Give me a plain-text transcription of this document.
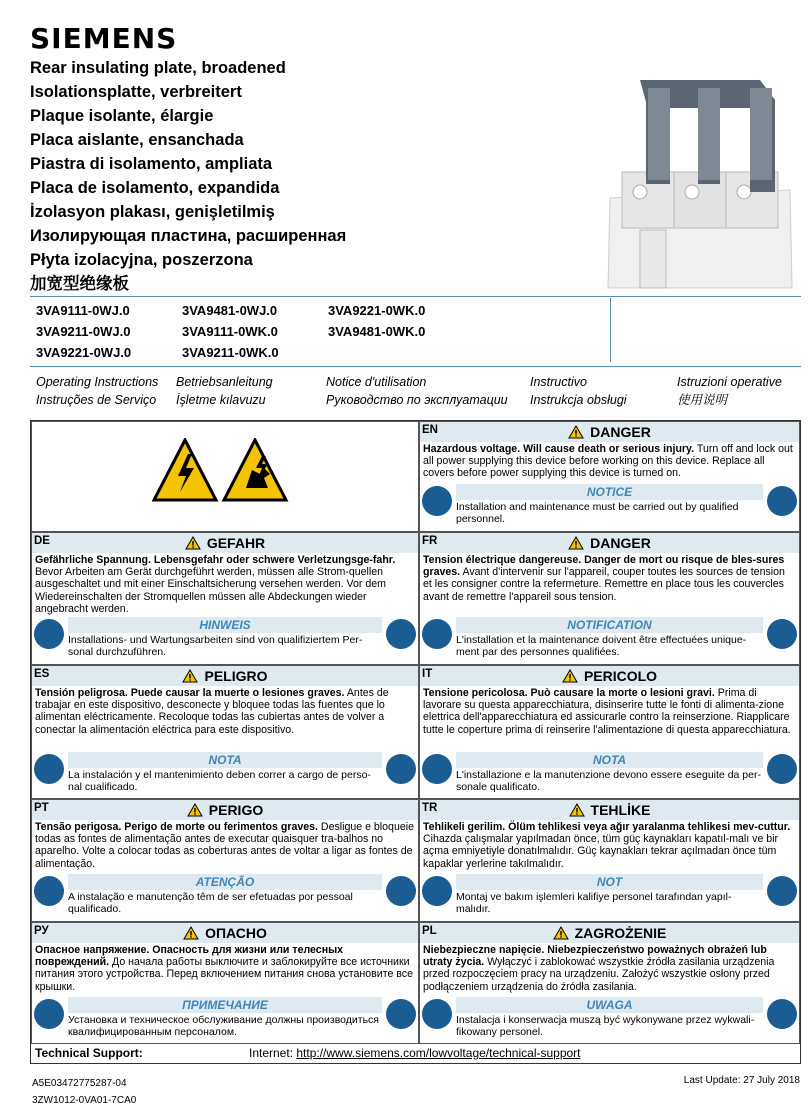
SIEMENS
Rear insulating plate, broadened
Isolationsplatte, verbreitert
Plaque isolante, élargie
Placa aislante, ensanchada
Piastra di isolamento, ampliata
Placa de isolamento, expandida
İzolasyon plakası, genişletilmiş
Изолирующая пластина, расширенная
Płyta izolacyjna, poszerzona
加宽型绝缘板
3VA9111-0WJ.0	3VA9481-0WJ.0	3VA9221-0WK.0
3VA9211-0WJ.0	3VA9111-0WK.0	3VA9481-0WK.0
3VA9221-0WJ.0	3VA9211-0WK.0
Operating Instructions	Betriebsanleitung	Notice d'utilisation	Instructivo	Istruzioni operative
Instruções de Serviço	İşletme kılavuzu	Руководство по эксплуатации	Instrukcja obsługi	使用说明
EN	DANGER
Hazardous voltage. Will cause death or serious injury. Turn off and lock out all power supplying this device before working on this device. Replace all covers before power supplying this device is turned on.
NOTICE
Installation and maintenance must be carried out by qualified personnel.
DE	GEFAHR
Gefährliche Spannung. Lebensgefahr oder schwere Verletzungsge-fahr. Bevor Arbeiten am Gerät durchgeführt werden, müssen alle Strom-quellen ausgeschaltet und mit einer Einschaltsicherung versehen werden. Vor dem Wiedereinschalten der Stromquellen müssen alle Abdeckungen wieder angebracht werden.
HINWEIS
Installations- und Wartungsarbeiten sind von qualifiziertem Per-sonal durchzuführen.
FR	DANGER
Tension électrique dangereuse. Danger de mort ou risque de bles-sures graves. Avant d'intervenir sur l'appareil, couper toutes les sources de tension et les consigner contre la refermeture. Remettre en place tous les couvercles avant de remettre l'appareil sous tension.
NOTIFICATION
L'installation et la maintenance doivent être effectuées unique-ment par des personnes qualifiées.
ES	PELIGRO
Tensión peligrosa. Puede causar la muerte o lesiones graves. Antes de trabajar en este dispositivo, desconecte y bloquee todas las fuentes que lo alimentan eléctricamente. Recoloque todas las cubiertas antes de volver a conectar la alimentación eléctrica para este dispositivo.
NOTA
La instalación y el mantenimiento deben correr a cargo de perso-nal cualificado.
IT	PERICOLO
Tensione pericolosa. Può causare la morte o lesioni gravi. Prima di lavorare su questa apparecchiatura, disinserire tutte le fonti di alimenta-zione elettrica dell'apparecchiatura ed assicurarle contro la reinserzione. Riapplicare tutte le coperture prima di reinserire l'alimentazione di questa apparecchiatura.
NOTA
L'installazione e la manutenzione devono essere eseguite da per-sonale qualificato.
PT	PERIGO
Tensão perigosa. Perigo de morte ou ferimentos graves. Desligue e bloqueie todas as fontes de alimentação antes de executar quaisquer tra-balhos no aparelho. Volte a colocar todas as coberturas antes de voltar a ligar as fontes de alimentação.
ATENÇÃO
A instalação e manutenção têm de ser efetuadas por pessoal qualificado.
TR	TEHLİKE
Tehlikeli gerilim. Ölüm tehlikesi veya ağır yaralanma tehlikesi mev-cuttur. Cihazda çalışmalar yapılmadan önce, tüm güç kaynakları kapatıl-malı ve bir açma emniyetiyle donatılmalıdır. Güç kaynakları tekrar açılmadan önce tüm kapaklar yerlerine takılmalıdır.
NOT
Montaj ve bakım işlemleri kalifiye personel tarafından yapıl-malıdır.
РУ	ОПАСНО
Опасное напряжение. Опасность для жизни или телесных повреждений. До начала работы выключите и заблокируйте все источники питания этого устройства. Перед включением питания снова установите все крышки.
ПРИМЕЧАНИЕ
Установка и техническое обслуживание должны производиться квалифицированным персоналом.
PL	ZAGROŻENIE
Niebezpieczne napięcie. Niebezpieczeństwo poważnych obrażeń lub utraty życia. Wyłączyć i zablokować wszystkie źródła zasilania urządzenia przed rozpoczęciem pracy na urządzeniu. Założyć wszystkie osłony przed podłączeniem urządzenia do źródła zasilania.
UWAGA
Instalacja i konserwacja muszą być wykonywane przez wykwali-fikowany personel.
Technical Support:	Internet: http://www.siemens.com/lowvoltage/technical-support
A5E03472775287-04
3ZW1012-0VA01-7CA0
Last Update: 27 July 2018
